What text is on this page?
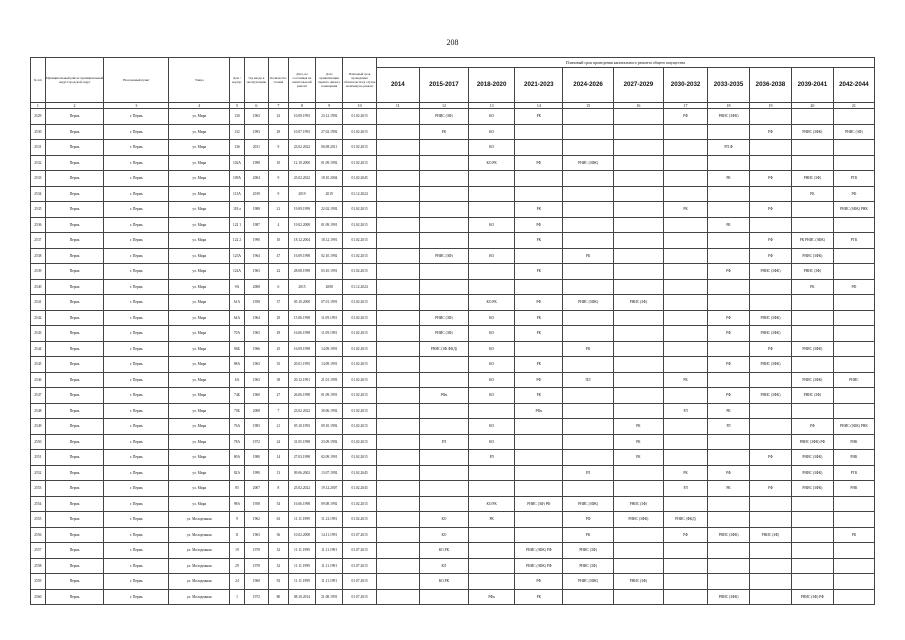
208
№ п/п	Муниципальный район/ муниципальный округ/городской округ	Населенный пункт	Улица	Дом / корпус	Год ввода в эксплуатацию	Количество этажей	Дата, на состоящая на капитальн ый ремонт	Дата приватизации первого жилого помещения	Плановый срок проведения обязательств (в случае наличия) на ремонт	Плановый срок проведения капитального ремонта общего имущества										
										2014	2015-2017	2018-2020	2021-2023	2024-2026	2027-2029	2030-2032	2033-2035	2036-2038	2039-2041	2042-2044
1	2	3	4	5	6	7	8	9	10	11	12	13	14	15	16	17	18	19	20	21
2529	Пермь	г. Пермь	ул. Мира	130	1963	23	10.09.1993	23.12.1992	01.02.2015		РНИС (ЗФ)	КО	РК			РФ	РНИС (ЗФК)			
2530	Пермь	г. Пермь	ул. Мира	132	1993	29	10.07.1993	27.02.1992	01.02.2015		РК	КО						РФ	РНИС (ЗФК)	РНИС (ЗФ)
2531	Пермь	г. Пермь	ул. Мира	136	2011	9	23.02.2022	06.08.2011	01.02.2015			КО					РП.Ф			
2532	Пермь	г. Пермь	ул. Мира	102А	1998	10	12.10.2000	01.09.1992	01.02.2015			КО.РК	РФ	РНИС (ЗФК)						
2533	Пермь	г. Пермь	ул. Мира	109А	2004	9	25.02.2022	18.10.2004	01.02.2045								РК	РФ	РНИС (ЗФ)	РТК
2534	Пермь	г. Пермь	ул. Мира	113А	2019	9	2019	2019	01.12.2024										РК	РФ
2535	Пермь	г. Пермь	ул. Мира	118 а	1988	21	19.09.1999	22.02.1992	01.02.2015				РК			РК		РФ		РНИС (ЗФК) РНК
2536	Пермь	г. Пермь	ул. Мира	122 1	1987	4	19.02.2008	01.09.1991	01.02.2015			КО	РФ				РК			
2537	Пермь	г. Пермь	ул. Мира	122 2	1990	10	18.12.2004	18.12.1991	01.02.2015				РК					РФ	РК РНИС (ЗФК)	РТК
2538	Пермь	г. Пермь	ул. Мира	123А	1964	47	16.09.1998	02.10.1992	01.02.2015		РНИС (ЗФ)	КО		РК				РФ	РНИС (ЗФК)	
2539	Пермь	г. Пермь	ул. Мира	124А	1963	22	28.08.1998	03.10.1991	01.02.2015				РК				РФ	РНИС (ЗФК)	РНИС (ЗФ)	
2540	Пермь	г. Пермь	ул. Мира	9А	2008	6	2015	2008	01.12.2024										РК	РФ
2541	Пермь	г. Пермь	ул. Мира	61А	1958	37	05.10.2000	07.01.1991	01.02.2015			КО.РК	РФ	РНИС (ЗФК)	РНИС (ЗФ)					
2542	Пермь	г. Пермь	ул. Мира	64А	1964	29	15.06.1998	11.09.1991	01.02.2015		РНИС (ЗФ)	КО	РК				РФ	РНИС (ЗФК)		
2543	Пермь	г. Пермь	ул. Мира	70А	1963	29	16.06.1998	11.09.1991	01.02.2015		РНИС (ЗФ)	КО	РК				РФ	РНИС (ЗФК)		
2544	Пермь	г. Пермь	ул. Мира	86Б	1966	25	16.09.1998	14.09.1991	01.02.2015		РНИС (ЗФ.ФКД)	КО		РК				РФ	РНИС (ЗФК)	
2545	Пермь	г. Пермь	ул. Мира	88А	1963	35	20.01.1995	14.09.1991	01.02.2015			КО	РК				РФ	РНИС (ЗФК)		
2546	Пермь	г. Пермь	ул. Мира	6А	1963	38	20.12.1991	21.01.1993	01.02.2015			КО	РФ	ПЛ		РК			РНИС (ЗФК)	РНИС
2547	Пермь	г. Пермь	ул. Мира	74Б	1960	27	26.06.1998	01.09.1991	01.02.2015		РФк	КО	РК				РФ	РНИС (ЗФК)	РНИС (ЗФ)	
2548	Пермь	г. Пермь	ул. Мира	70Б	2008	7	23.02.2022	30.06.1992	01.02.2015				РФк			РЛ	РК			
2549	Пермь	г. Пермь	ул. Мира	76А	1983	21	05.10.1993	09.10.1992	01.02.2015			КО			РК		РЛ		РФ	РНИС (ЗФК) РНК
2550	Пермь	г. Пермь	ул. Мира	78А	1972	24	31.05.1998	23.09.1992	01.02.2015		РЛ	КО			РК				РНИС (ЗФК) РФ	РНК
2551	Пермь	г. Пермь	ул. Мира	80А	1980	14	27.03.1998	02.09.1991	01.02.2015			РЛ			РК			РФ	РНИС (ЗФК)	РНК
2552	Пермь	г. Пермь	ул. Мира	82А	1990	13	09.06.2002	13.07.1992	01.02.2045					РЛ		РК	РФ		РНИС (ЗФК)	РТК
2553	Пермь	г. Пермь	ул. Мира	85	2007	8	25.02.2022	19.12.2007	01.02.2045							РЛ	РК	РФ	РНИС (ЗФК)	РНК
2554	Пермь	г. Пермь	ул. Мира	98А	1958	54	16.06.1998	09.08.1992	01.02.2015			КО.РК	РНИС (ЗФ) РФ	РНИС (ЗФК)	РНИС (ЗФ)					
2555	Пермь	г. Пермь	ул. Молодежная	9	1962	63	11.11.1999	11.12.1991	01.02.2015		КО	РК		РФ	РНИС (ЗФК)	РНИС (ФКД)				
2556	Пермь	г. Пермь	ул. Молодежная	11	1963	36	10.02.2008	14.11.1991	01.07.2015		КО			РК		РФ	РНИС (ЗФК)	РНИС (ЗФ)		РК
2557	Пермь	г. Пермь	ул. Молодежная	19	1978	32	11.11.1999	11.11.1991	01.07.2015		КО.РК		РНИС (ЗФК) РФ	РНИС (ЗФ)						
2558	Пермь	г. Пермь	ул. Молодежная	29	1978	32	11.11.1999	11.11.1991	01.07.2015		КЛ		РНИС (ЗФК) РФ	РНИС (ЗФ)						
2559	Пермь	г. Пермь	ул. Молодежная	24	1960	92	11.11.1999	11.11.1991	01.07.2015		КО.РК		РФ	РНИС (ЗФК)	РНИС (ЗФ)					
2560	Пермь	г. Пермь	ул. Молодежная	1	1972	80	08.10.2014	21.08.1991	01.07.2015			РФк	РК				РНИС (ЗФК)		РНИС (ЗФ) РФ	
